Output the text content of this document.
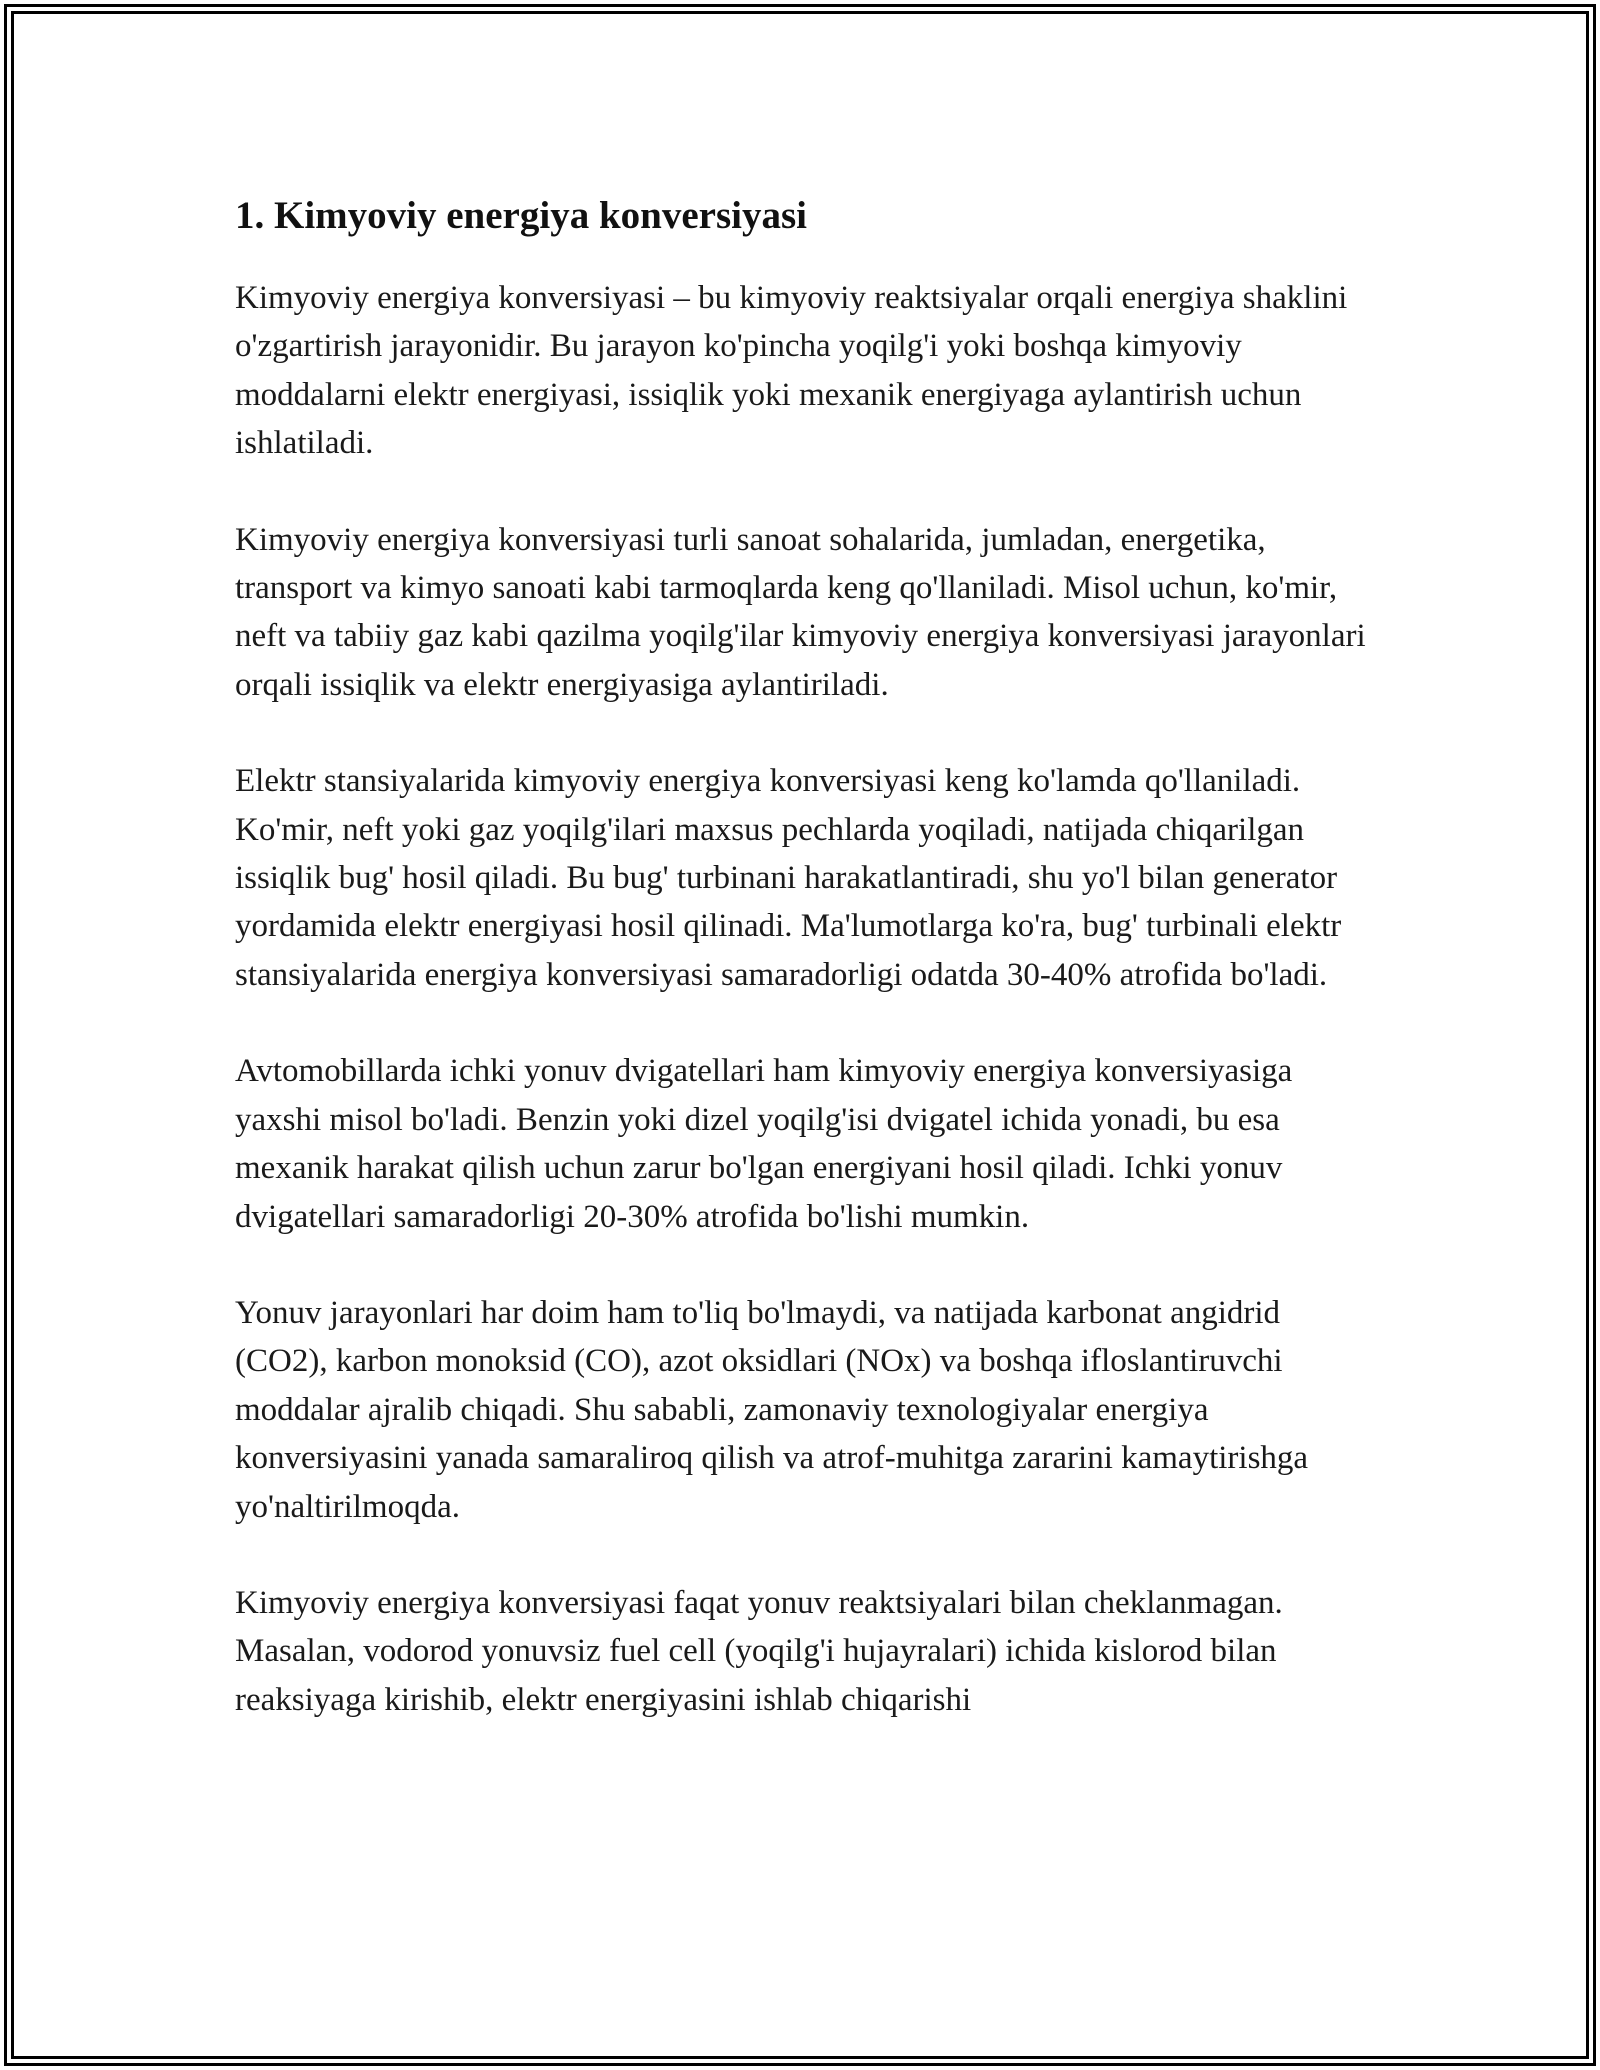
1. Kimyoviy energiya konversiyasi

Kimyoviy energiya konversiyasi – bu kimyoviy reaktsiyalar orqali energiya shaklini o'zgartirish jarayonidir. Bu jarayon ko'pincha yoqilg'i yoki boshqa kimyoviy moddalarni elektr energiyasi, issiqlik yoki mexanik energiyaga aylantirish uchun ishlatiladi.

Kimyoviy energiya konversiyasi turli sanoat sohalarida, jumladan, energetika, transport va kimyo sanoati kabi tarmoqlarda keng qo'llaniladi. Misol uchun, ko'mir, neft va tabiiy gaz kabi qazilma yoqilg'ilar kimyoviy energiya konversiyasi jarayonlari orqali issiqlik va elektr energiyasiga aylantiriladi.

Elektr stansiyalarida kimyoviy energiya konversiyasi keng ko'lamda qo'llaniladi. Ko'mir, neft yoki gaz yoqilg'ilari maxsus pechlarda yoqiladi, natijada chiqarilgan issiqlik bug' hosil qiladi. Bu bug' turbinani harakatlantiradi, shu yo'l bilan generator yordamida elektr energiyasi hosil qilinadi. Ma'lumotlarga ko'ra, bug' turbinali elektr stansiyalarida energiya konversiyasi samaradorligi odatda 30-40% atrofida bo'ladi.

Avtomobillarda ichki yonuv dvigatellari ham kimyoviy energiya konversiyasiga yaxshi misol bo'ladi. Benzin yoki dizel yoqilg'isi dvigatel ichida yonadi, bu esa mexanik harakat qilish uchun zarur bo'lgan energiyani hosil qiladi. Ichki yonuv dvigatellari samaradorligi 20-30% atrofida bo'lishi mumkin.

Yonuv jarayonlari har doim ham to'liq bo'lmaydi, va natijada karbonat angidrid (CO2), karbon monoksid (CO), azot oksidlari (NOx) va boshqa ifloslantiruvchi moddalar ajralib chiqadi. Shu sababli, zamonaviy texnologiyalar energiya konversiyasini yanada samaraliroq qilish va atrof-muhitga zararini kamaytirishga yo'naltirilmoqda.

Kimyoviy energiya konversiyasi faqat yonuv reaktsiyalari bilan cheklanmagan. Masalan, vodorod yonuvsiz fuel cell (yoqilg'i hujayralari) ichida kislorod bilan reaksiyaga kirishib, elektr energiyasini ishlab chiqarishi
